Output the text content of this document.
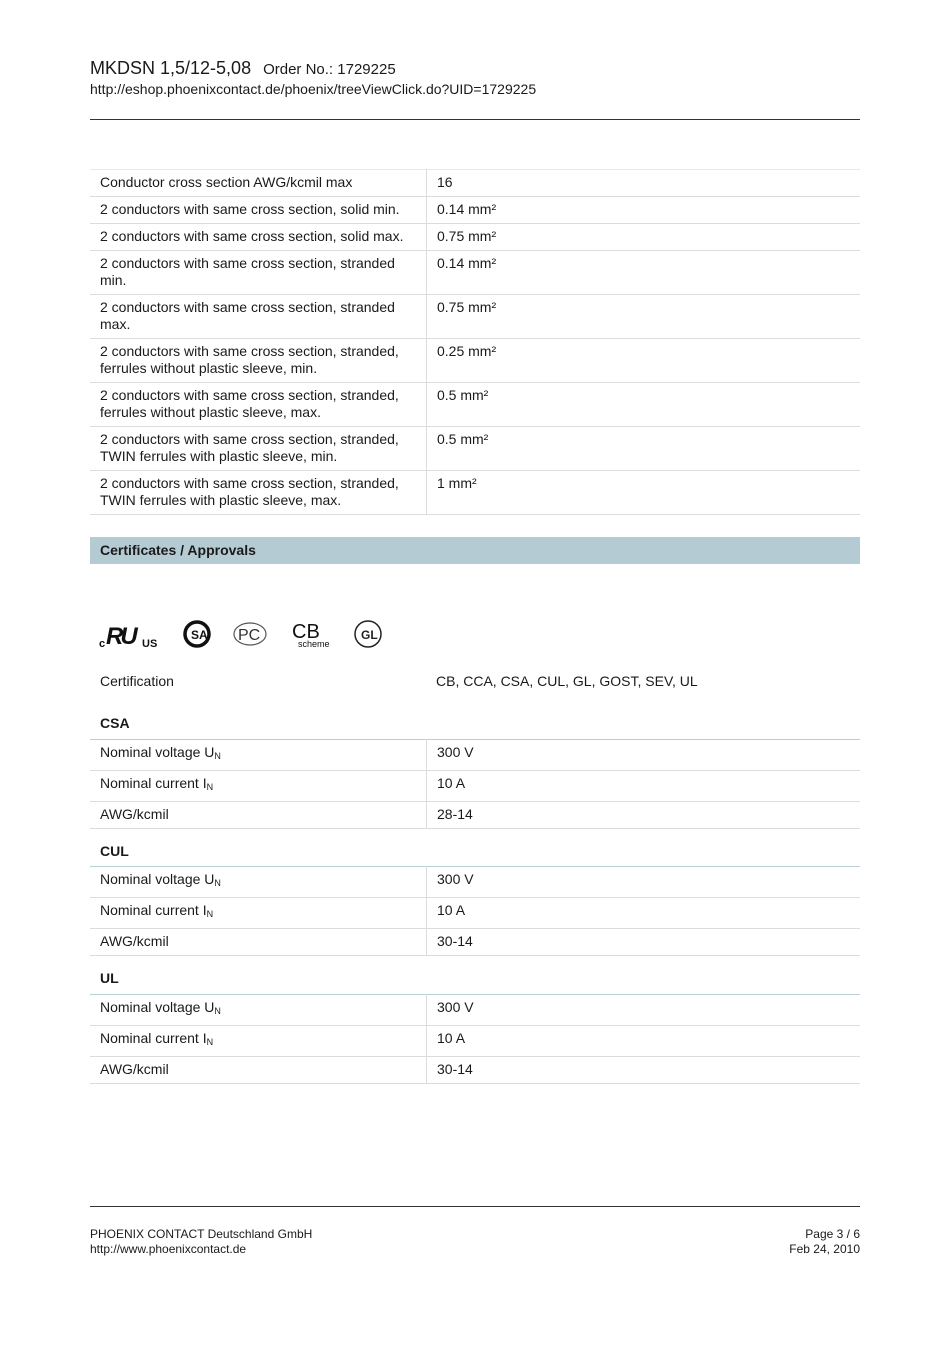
MKDSN 1,5/12-5,08 Order No.: 1729225
http://eshop.phoenixcontact.de/phoenix/treeViewClick.do?UID=1729225
Conductor cross section AWG/kcmil max	16
2 conductors with same cross section, solid min.	0.14 mm²
2 conductors with same cross section, solid max.	0.75 mm²
2 conductors with same cross section, stranded min.	0.14 mm²
2 conductors with same cross section, stranded max.	0.75 mm²
2 conductors with same cross section, stranded, ferrules without plastic sleeve, min.	0.25 mm²
2 conductors with same cross section, stranded, ferrules without plastic sleeve, max.	0.5 mm²
2 conductors with same cross section, stranded, TWIN ferrules with plastic sleeve, min.	0.5 mm²
2 conductors with same cross section, stranded, TWIN ferrules with plastic sleeve, max.	1 mm²
Certificates / Approvals
c RU US
SA PC CB
scheme
GL
Certification	CB, CCA, CSA, CUL, GL, GOST, SEV, UL
CSA
Nominal voltage $U_N$	300 V
Nominal current $I_N$	10 A
AWG/kcmil	28-14
CUL
Nominal voltage $U_N$	300 V
Nominal current $I_N$	10 A
AWG/kcmil	30-14
UL
Nominal voltage $U_N$	300 V
Nominal current $I_N$	10 A
AWG/kcmil	30-14
PHOENIX CONTACT Deutschland GmbH
http://www.phoenixcontact.de
Page 3 / 6
Feb 24, 2010
